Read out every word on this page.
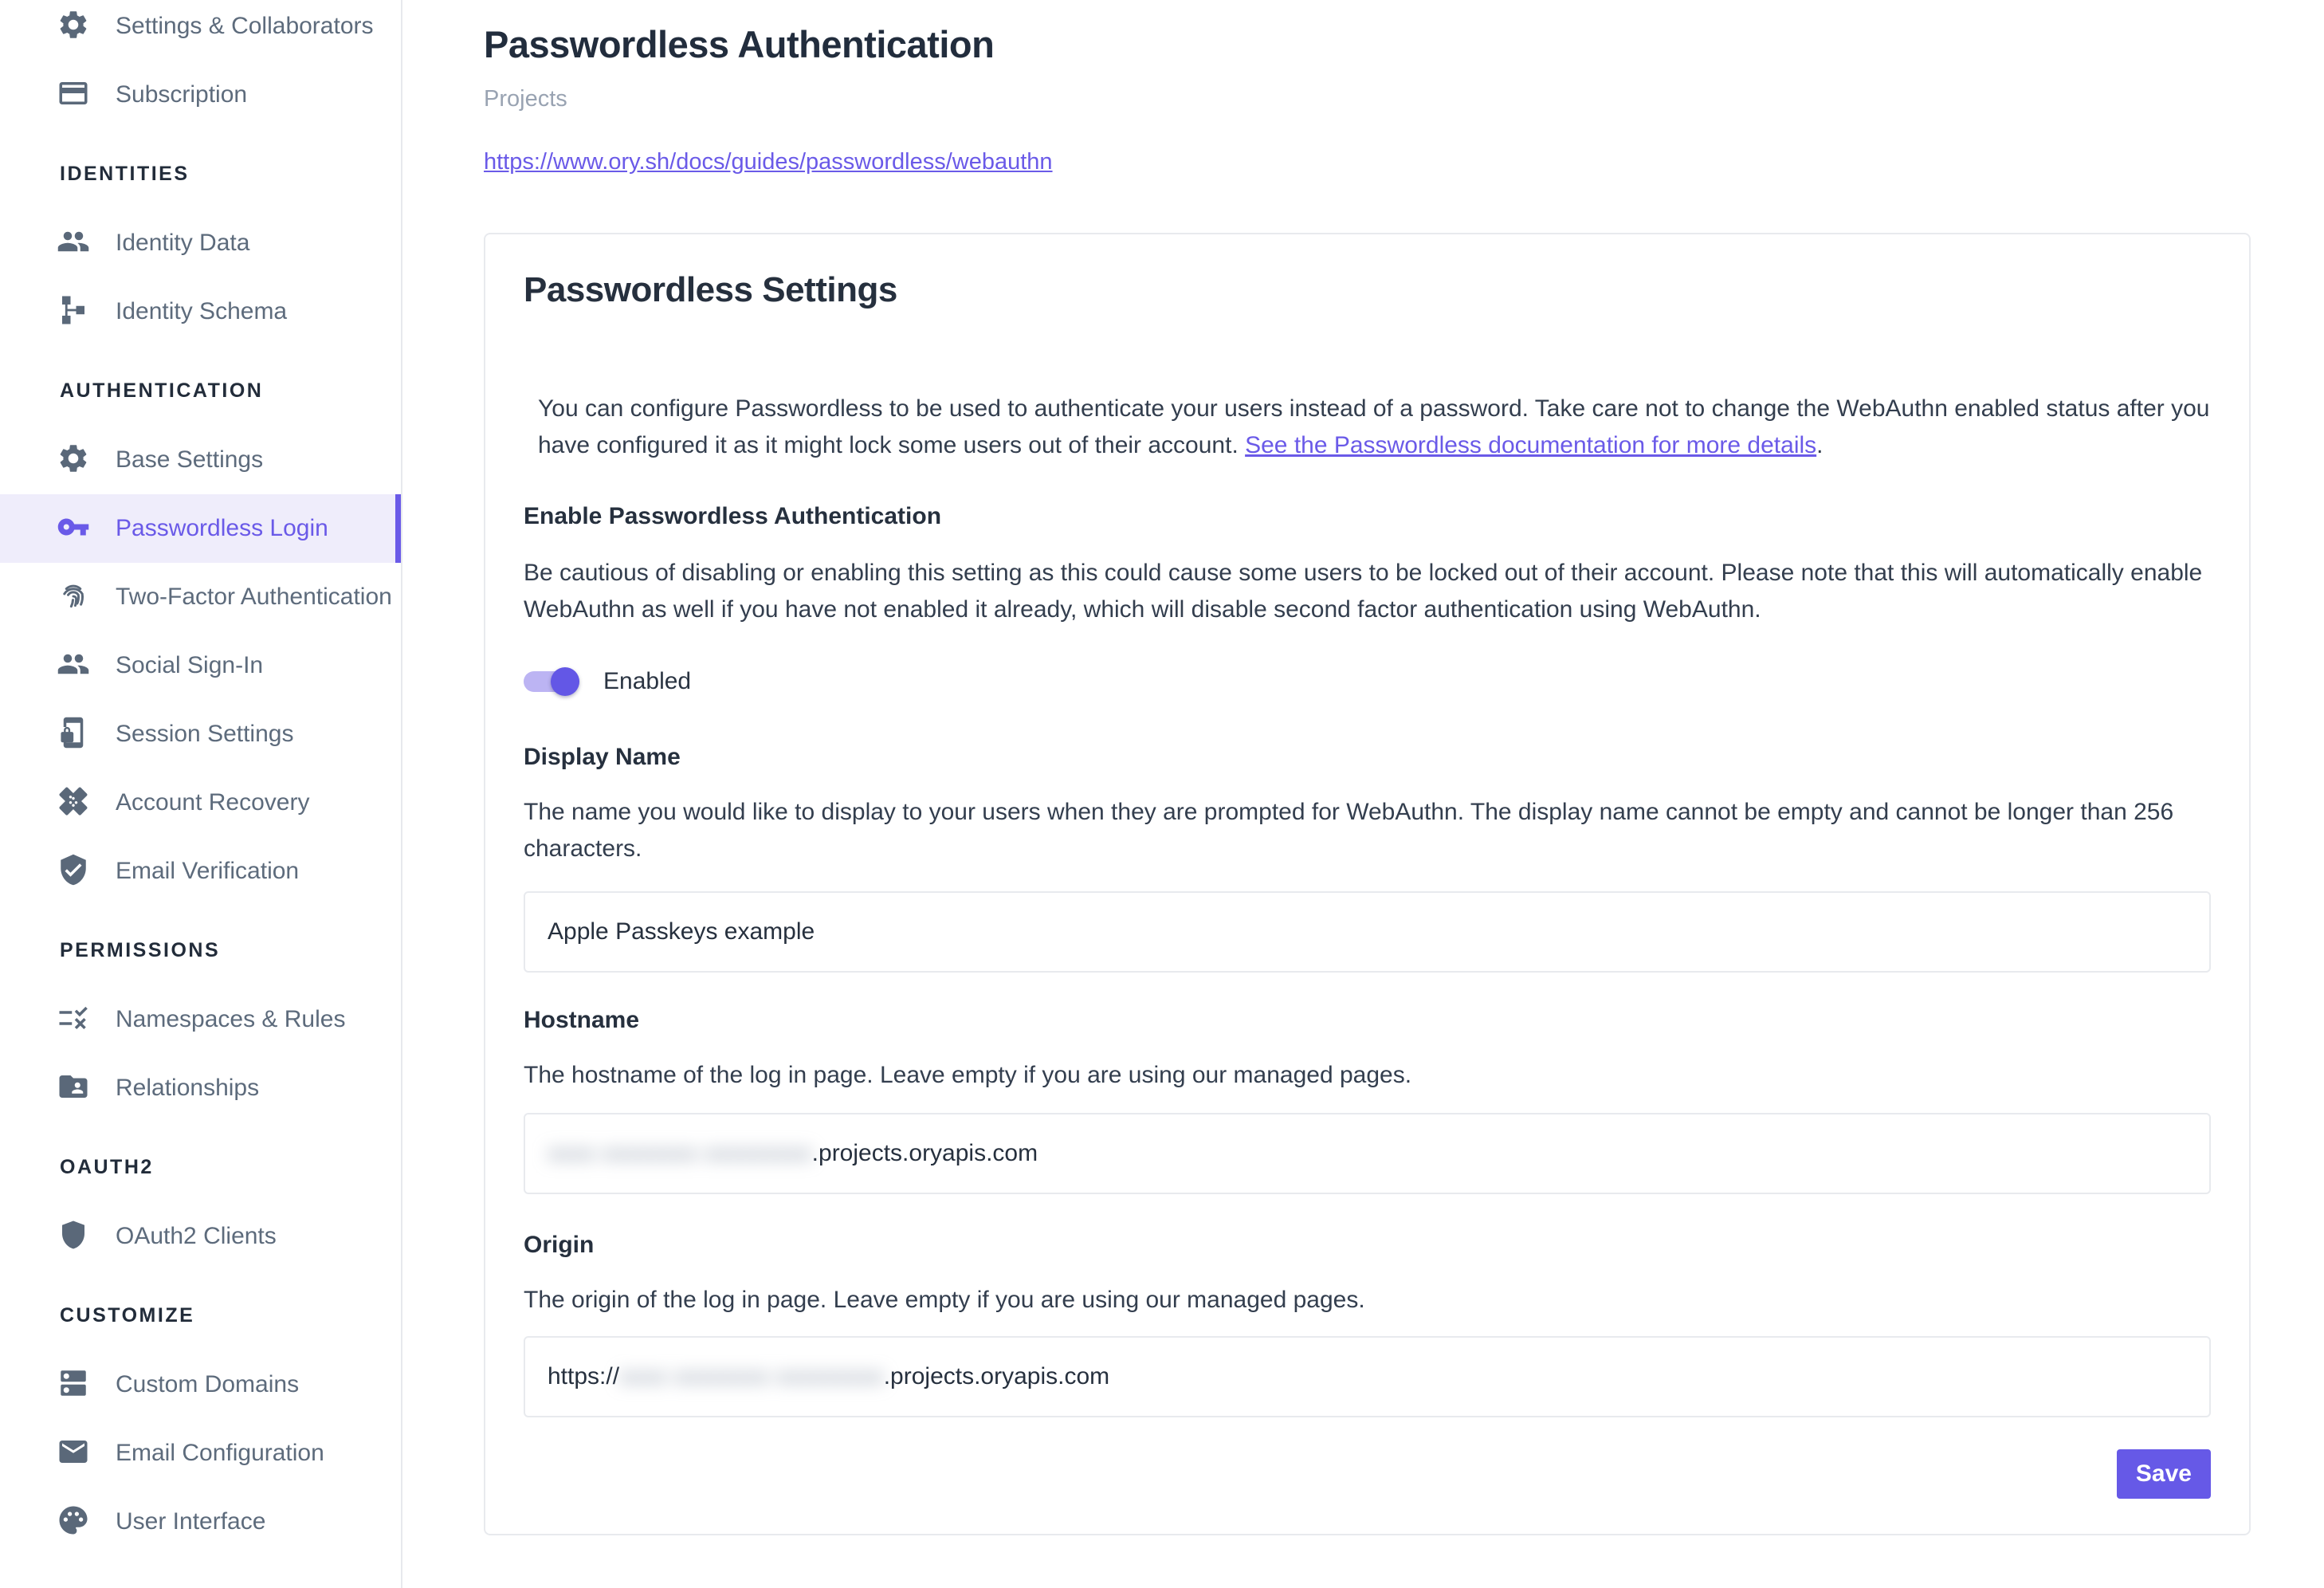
Settings & Collaborators
Subscription
IDENTITIES
Identity Data
Identity Schema
AUTHENTICATION
Base Settings
Passwordless Login
Two-Factor Authentication
Social Sign-In
Session Settings
Account Recovery
Email Verification
PERMISSIONS
Namespaces & Rules
Relationships
OAUTH2
OAuth2 Clients
CUSTOMIZE
Custom Domains
Email Configuration
User Interface
Passwordless Authentication
Projects
https://www.ory.sh/docs/guides/passwordless/webauthn
Passwordless Settings

You can configure Passwordless to be used to authenticate your users instead of a password. Take care not to change the WebAuthn enabled status after you have configured it as it might lock some users out of their account. See the Passwordless documentation for more details.

Enable Passwordless Authentication

Be cautious of disabling or enabling this setting as this could cause some users to be locked out of their account. Please note that this will automatically enable WebAuthn as well if you have not enabled it already, which will disable second factor authentication using WebAuthn.

Enabled
Display Name

The name you would like to display to your users when they are prompted for WebAuthn. The display name cannot be empty and cannot be longer than 256 characters.

Apple Passkeys example
Hostname

The hostname of the log in page. Leave empty if you are using our managed pages.

xxxx xxxxxxxx xxxxxxxxx .projects.oryapis.com
Origin

The origin of the log in page. Leave empty if you are using our managed pages.

https:// xxxx xxxxxxxx xxxxxxxxx .projects.oryapis.com
Save
